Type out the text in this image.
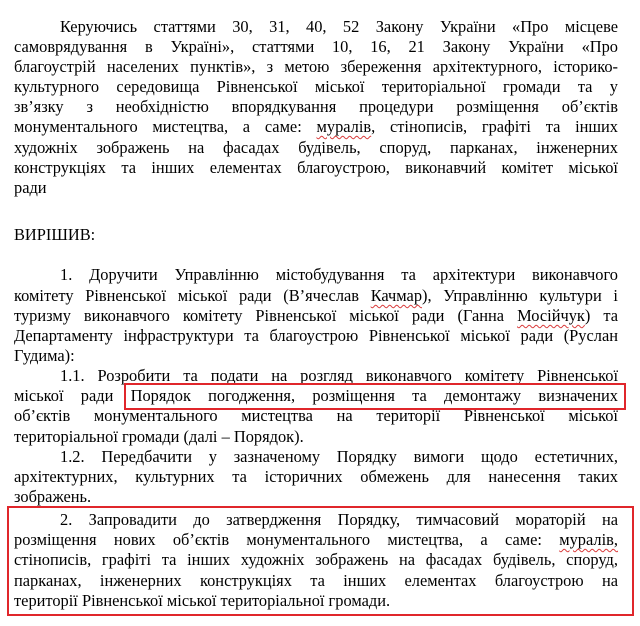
Керуючись статтями 30, 31, 40, 52 Закону України «Про місцеве
самоврядування в Україні», статтями 10, 16, 21 Закону України «Про
благоустрій населених пунктів», з метою збереження архітектурного, історико-
культурного середовища Рівненської міської територіальної громади та у
зв’язку з необхідністю впорядкування процедури розміщення об’єктів
монументального мистецтва, а саме: муралів, стінописів, графіті та інших
художніх зображень на фасадах будівель, споруд, парканах, інженерних
конструкціях та інших елементах благоустрою, виконавчий комітет міської
ради
ВИРІШИВ:
1. Доручити Управлінню містобудування та архітектури виконавчого
комітету Рівненської міської ради (В’ячеслав Качмар), Управлінню культури і
туризму виконавчого комітету Рівненської міської ради (Ганна Мосійчук) та
Департаменту інфраструктури та благоустрою Рівненської міської ради (Руслан
Гудима):
1.1. Розробити та подати на розгляд виконавчого комітету Рівненської
міської ради Порядок погодження, розміщення та демонтажу визначених
об’єктів монументального мистецтва на території Рівненської міської
територіальної громади (далі – Порядок).
1.2. Передбачити у зазначеному Порядку вимоги щодо естетичних,
архітектурних, культурних та історичних обмежень для нанесення таких
зображень.
2. Запровадити до затвердження Порядку, тимчасовий мораторій на
розміщення нових об’єктів монументального мистецтва, а саме: муралів,
стінописів, графіті та інших художніх зображень на фасадах будівель, споруд,
парканах, інженерних конструкціях та інших елементах благоустрою на
території Рівненської міської територіальної громади.
